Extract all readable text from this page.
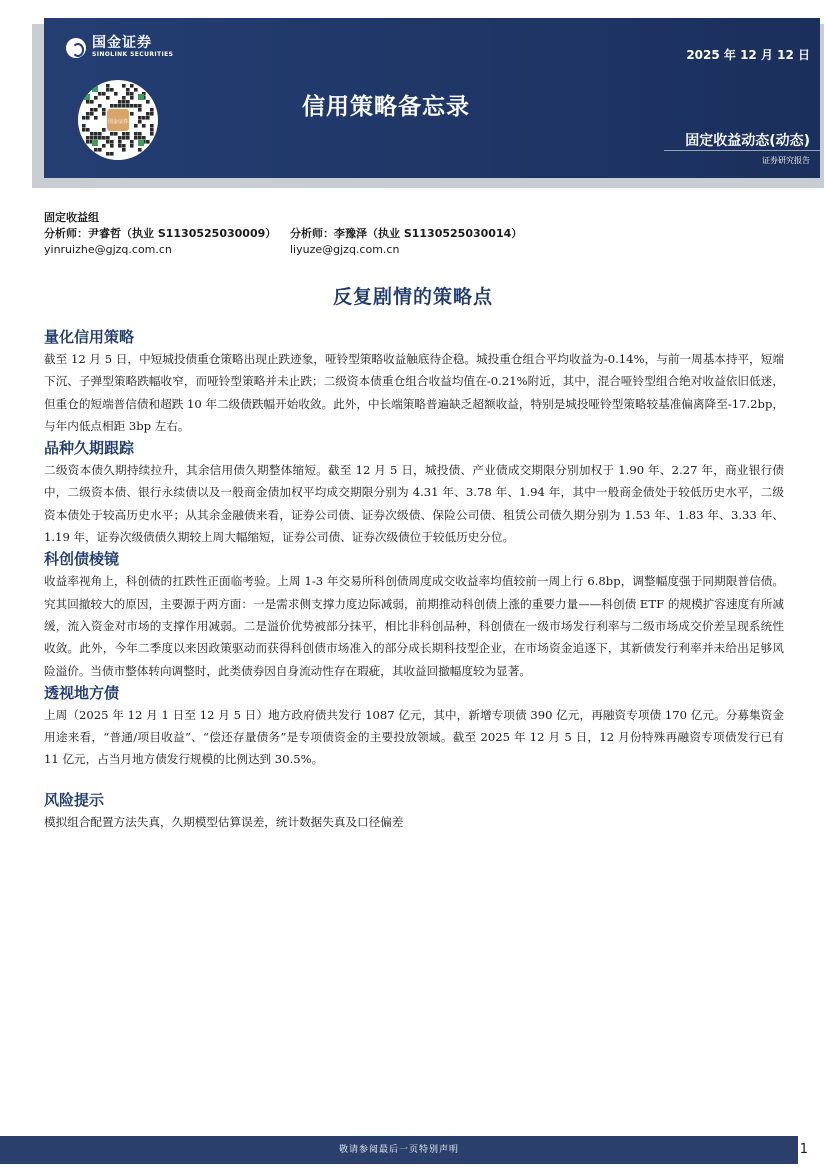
国金证券
SINOLINK SECURITIES
国金证券
2025 年 12 月 12 日
信用策略备忘录
固定收益动态(动态)
证券研究报告
固定收益组
分析师：尹睿哲（执业 S1130525030009） 分析师：李豫泽（执业 S1130525030014）
yinruizhe@gjzq.com.cn	liyuze@gjzq.com.cn
反复剧情的策略点
量化信用策略

截至 12 月 5 日，中短城投债重仓策略出现止跌迹象，哑铃型策略收益触底待企稳。城投重仓组合平均收益为-0.14%，与前一周基本持平，短端下沉、子弹型策略跌幅收窄，而哑铃型策略并未止跌；二级资本债重仓组合收益均值在-0.21%附近，其中，混合哑铃型组合绝对收益依旧低迷，但重仓的短端普信债和超跌 10 年二级债跌幅开始收敛。此外，中长端策略普遍缺乏超额收益，特别是城投哑铃型策略较基准偏离降至-17.2bp，与年内低点相距 3bp 左右。

品种久期跟踪

二级资本债久期持续拉升，其余信用债久期整体缩短。截至 12 月 5 日，城投债、产业债成交期限分别加权于 1.90 年、2.27 年，商业银行债中，二级资本债、银行永续债以及一般商金债加权平均成交期限分别为 4.31 年、3.78 年、1.94 年，其中一般商金债处于较低历史水平，二级资本债处于较高历史水平；从其余金融债来看，证券公司债、证券次级债、保险公司债、租赁公司债久期分别为 1.53 年、1.83 年、3.33 年、1.19 年，证券次级债债久期较上周大幅缩短，证券公司债、证券次级债位于较低历史分位。

科创债棱镜

收益率视角上，科创债的扛跌性正面临考验。上周 1-3 年交易所科创债周度成交收益率均值较前一周上行 6.8bp，调整幅度强于同期限普信债。究其回撤较大的原因，主要源于两方面：一是需求侧支撑力度边际减弱，前期推动科创债上涨的重要力量——科创债 ETF 的规模扩容速度有所减缓，流入资金对市场的支撑作用减弱。二是溢价优势被部分抹平，相比非科创品种，科创债在一级市场发行利率与二级市场成交价差呈现系统性收敛。此外，今年二季度以来因政策驱动而获得科创债市场准入的部分成长期科技型企业，在市场资金追逐下，其新债发行利率并未给出足够风险溢价。当债市整体转向调整时，此类债券因自身流动性存在瑕疵，其收益回撤幅度较为显著。

透视地方债

上周（2025 年 12 月 1 日至 12 月 5 日）地方政府债共发行 1087 亿元，其中，新增专项债 390 亿元，再融资专项债 170 亿元。分募集资金用途来看，“普通/项目收益”、“偿还存量债务”是专项债资金的主要投放领域。截至 2025 年 12 月 5 日，12 月份特殊再融资专项债发行已有 11 亿元，占当月地方债发行规模的比例达到 30.5%。

风险提示

模拟组合配置方法失真，久期模型估算误差，统计数据失真及口径偏差

敬请参阅最后一页特别声明	1
